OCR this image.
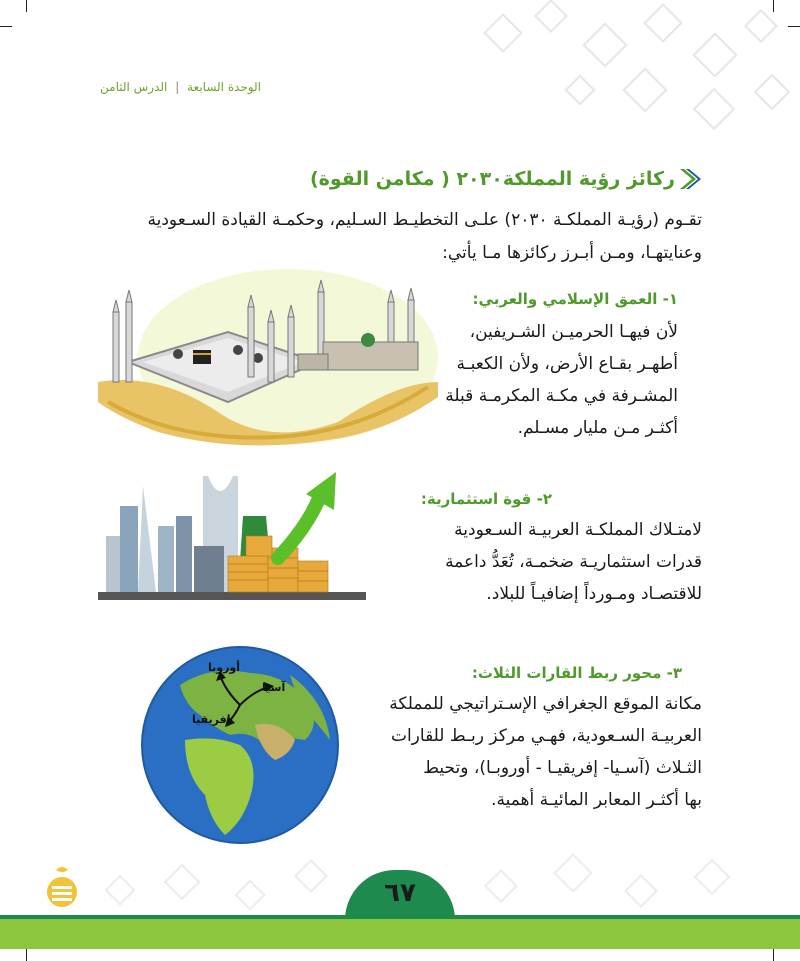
الوحدة السابعة | الدرس الثامن
ركائز رؤية المملكة٢٠٣٠ ( مكامن القوة)
تقـوم (رؤيـة المملكـة ٢٠٣٠) علـى التخطيـط السـليم، وحكمـة القيادة السـعودية
وعنايتهـا، ومـن أبـرز ركائزها مـا يأتي:
١- العمق الإسلامي والعربي:
لأن فيهـا الحرميـن الشـريفين،
أطهـر بقـاع الأرض، ولأن الكعبـة
المشـرفة في مكـة المكرمـة قبلة
أكثـر مـن مليار مسـلم.
٢- قوة استثمارية:
لامتـلاك المملكـة العربيـة السـعودية
قدرات استثماريـة ضخمـة، تُعَدُّ داعمة
للاقتصـاد ومـورداً إضافيـاً للبلاد.
٣- محور ربط القارات الثلاث:
مكانة الموقع الجغرافي الإسـتراتيجي للمملكة
العربيـة السـعودية، فهـي مركز ربـط للقارات
الثـلاث (آسـيا- إفريقيـا - أوروبـا)، وتحيط
بها أكثـر المعابر المائيـة أهمية.
أوروبا
آسيا
إفريقيا
٦٧
